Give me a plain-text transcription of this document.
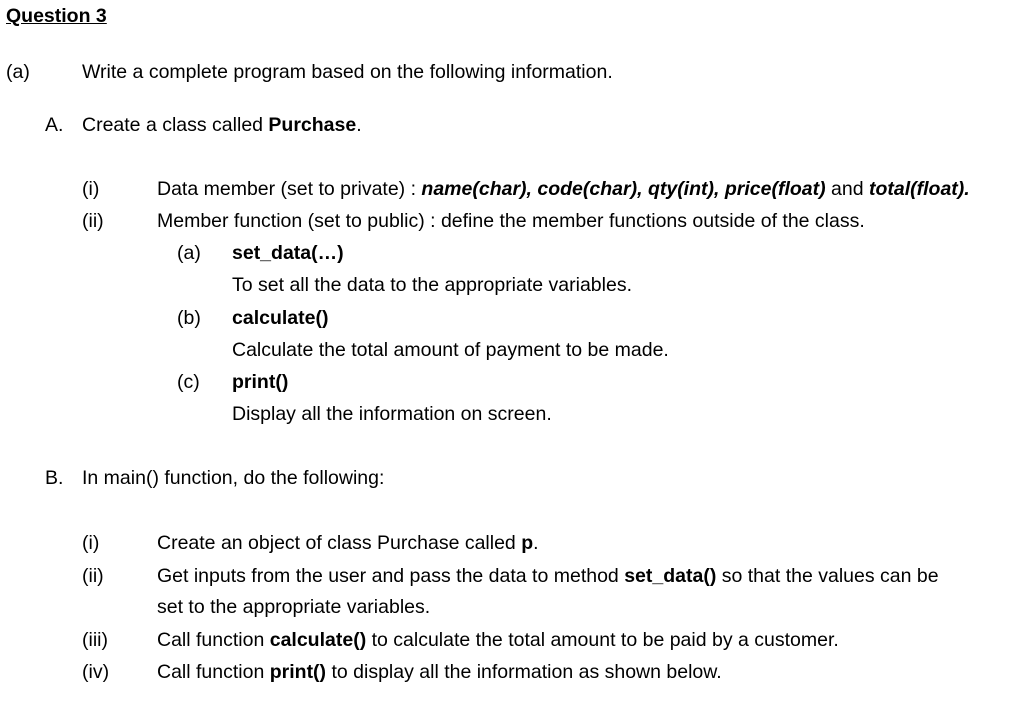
Question 3
(a)	Write a complete program based on the following information.
A. Create a class called Purchase.
(i)	Data member (set to private) : name(char), code(char), qty(int), price(float) and total(float).
(ii)	Member function (set to public) : define the member functions outside of the class.
(a) set_data(…)
To set all the data to the appropriate variables.
(b) calculate()
Calculate the total amount of payment to be made.
(c) print()
Display all the information on screen.
B. In main() function, do the following:
(i)	Create an object of class Purchase called p.
(ii)	Get inputs from the user and pass the data to method set_data() so that the values can be
set to the appropriate variables.
(iii)	Call function calculate() to calculate the total amount to be paid by a customer.
(iv) Call function print() to display all the information as shown below.
